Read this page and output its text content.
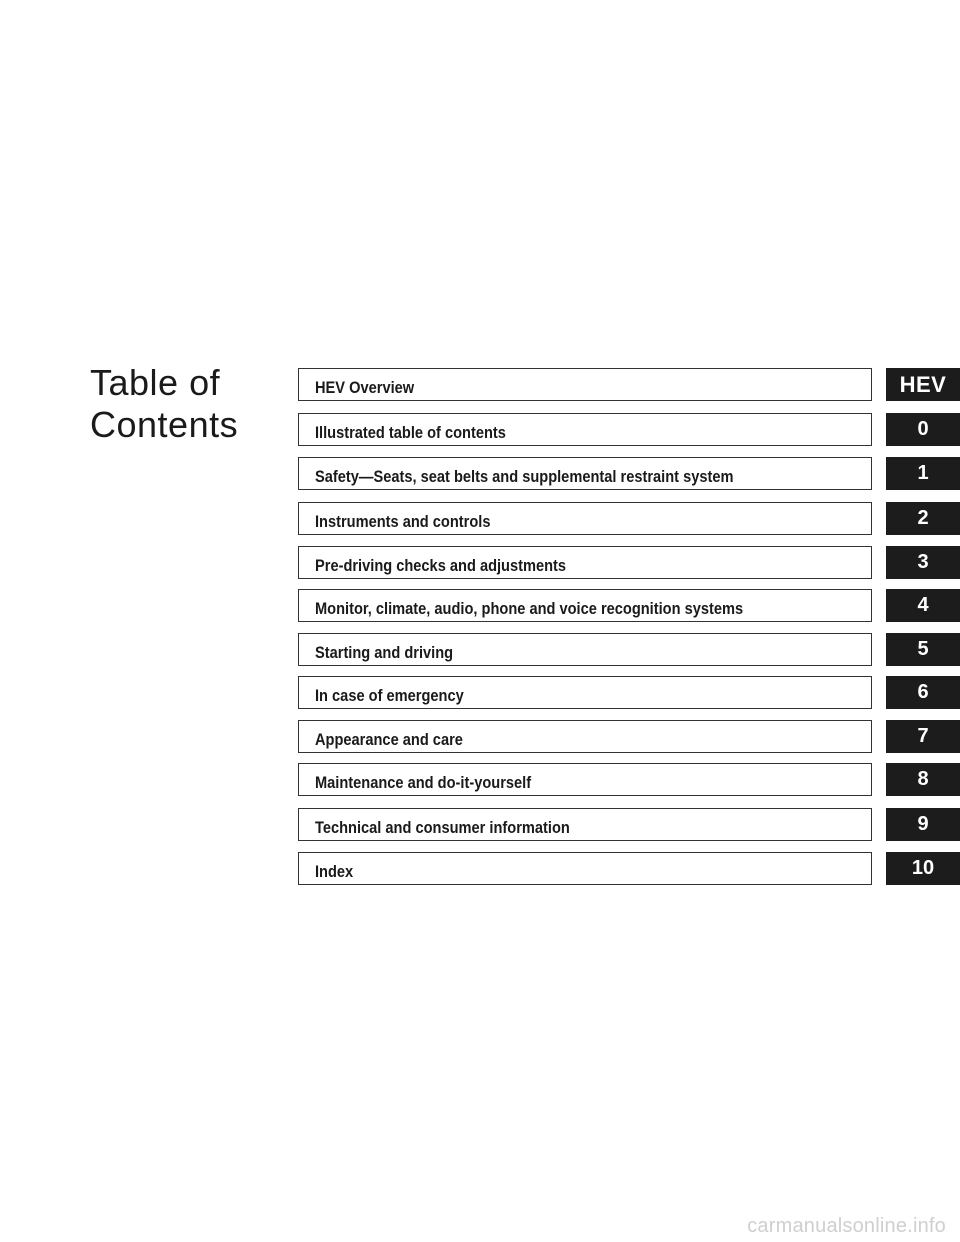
Table of
Contents
HEV Overview	HEV
Illustrated table of contents	0
Safety—Seats, seat belts and supplemental restraint system	1
Instruments and controls	2
Pre-driving checks and adjustments	3
Monitor, climate, audio, phone and voice recognition systems	4
Starting and driving	5
In case of emergency	6
Appearance and care	7
Maintenance and do-it-yourself	8
Technical and consumer information	9
Index	10
carmanualsonline.info
